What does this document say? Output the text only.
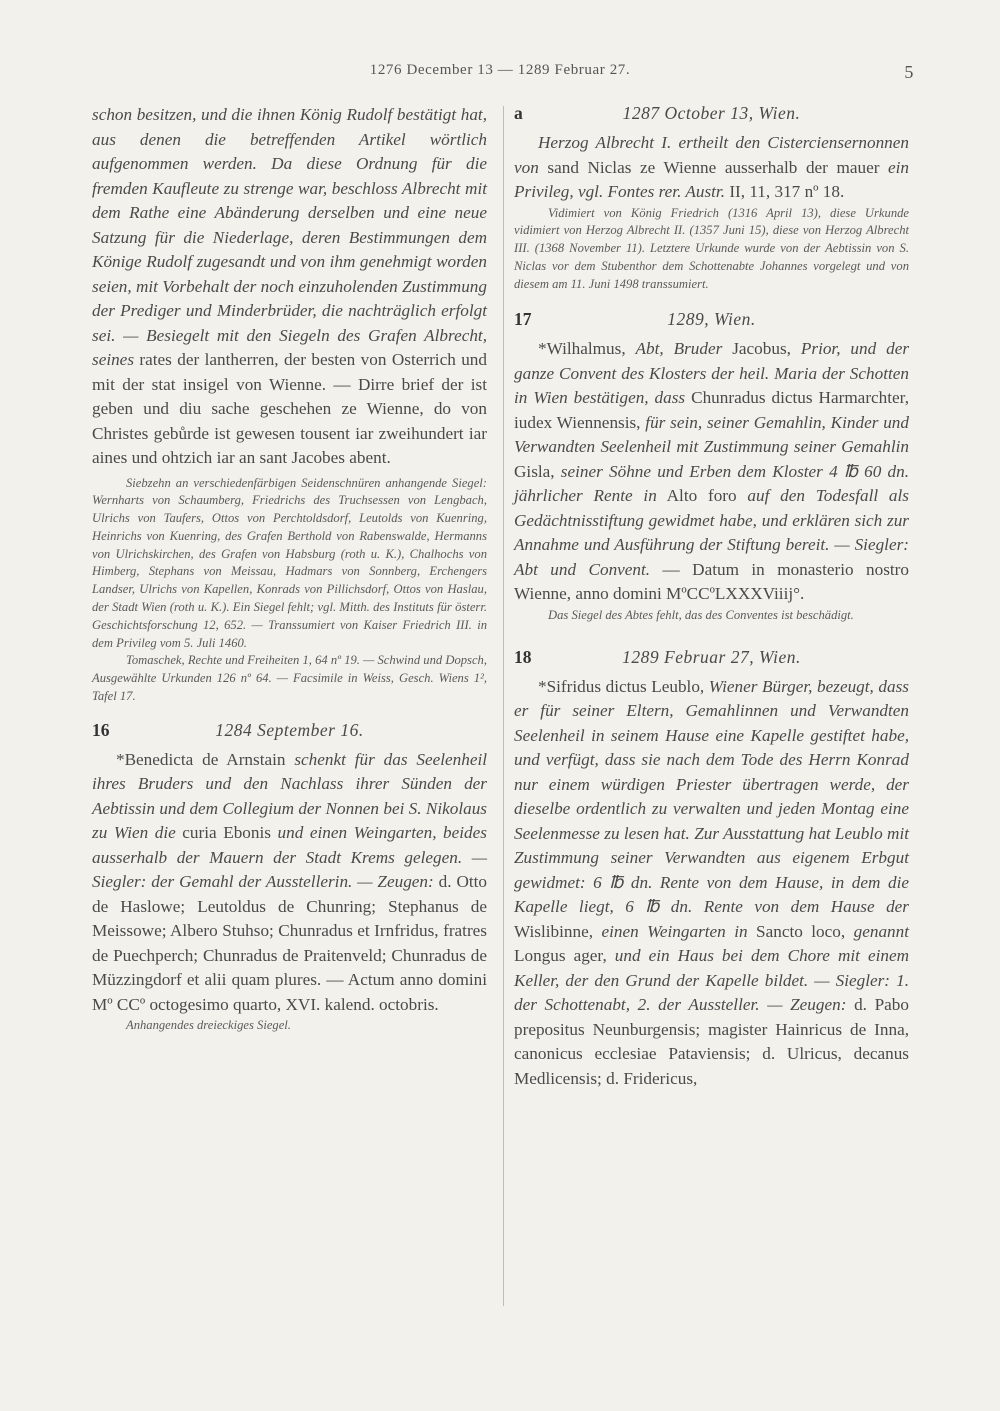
1276 December 13 — 1289 Februar 27.	5

schon besitzen, und die ihnen König Rudolf bestätigt hat, aus denen die betreffenden Artikel wörtlich aufgenommen werden. Da diese Ordnung für die fremden Kaufleute zu strenge war, beschloss Albrecht mit dem Rathe eine Abänderung derselben und eine neue Satzung für die Niederlage, deren Bestimmungen dem Könige Rudolf zugesandt und von ihm genehmigt worden seien, mit Vorbehalt der noch einzuholenden Zustimmung der Prediger und Minderbrüder, die nachträglich erfolgt sei. — Besiegelt mit den Siegeln des Grafen Albrecht, seines rates der lantherren, der besten von Osterrich und mit der stat insigel von Wienne. — Dirre brief der ist geben und diu sache geschehen ze Wienne, do von Christes gebůrde ist gewesen tousent iar zweihundert iar aines und ohtzich iar an sant Jacobes abent.

Siebzehn an verschiedenfärbigen Seidenschnüren anhangende Siegel: Wernharts von Schaumberg, Friedrichs des Truchsessen von Lengbach, Ulrichs von Taufers, Ottos von Perchtoldsdorf, Leutolds von Kuenring, Heinrichs von Kuenring, des Grafen Berthold von Rabenswalde, Hermanns von Ulrichskirchen, des Grafen von Habsburg (roth u. K.), Chalhochs von Himberg, Stephans von Meissau, Hadmars von Sonnberg, Erchengers Landser, Ulrichs von Kapellen, Konrads von Pillichsdorf, Ottos von Haslau, der Stadt Wien (roth u. K.). Ein Siegel fehlt; vgl. Mitth. des Instituts für österr. Geschichtsforschung 12, 652. — Transsumiert von Kaiser Friedrich III. in dem Privileg vom 5. Juli 1460.

Tomaschek, Rechte und Freiheiten 1, 64 nº 19. — Schwind und Dopsch, Ausgewählte Urkunden 126 nº 64. — Facsimile in Weiss, Gesch. Wiens 1², Tafel 17.

16	1284 September 16.

*Benedicta de Arnstain schenkt für das Seelenheil ihres Bruders und den Nachlass ihrer Sünden der Aebtissin und dem Collegium der Nonnen bei S. Nikolaus zu Wien die curia Ebonis und einen Weingarten, beides ausserhalb der Mauern der Stadt Krems gelegen. — Siegler: der Gemahl der Ausstellerin. — Zeugen: d. Otto de Haslowe; Leutoldus de Chunring; Stephanus de Meissowe; Albero Stuhso; Chunradus et Irnfridus, fratres de Puechperch; Chunradus de Praitenveld; Chunradus de Müzzingdorf et alii quam plures. — Actum anno domini Mº CCº octogesimo quarto, XVI. kalend. octobris.

Anhangendes dreieckiges Siegel.

a	1287 October 13, Wien.

Herzog Albrecht I. ertheilt den Cisterciensernonnen von sand Niclas ze Wienne ausserhalb der mauer ein Privileg, vgl. Fontes rer. Austr. II, 11, 317 nº 18.

Vidimiert von König Friedrich (1316 April 13), diese Urkunde vidimiert von Herzog Albrecht II. (1357 Juni 15), diese von Herzog Albrecht III. (1368 November 11). Letztere Urkunde wurde von der Aebtissin von S. Niclas vor dem Stubenthor dem Schottenabte Johannes vorgelegt und von diesem am 11. Juni 1498 transsumiert.

17	1289, Wien.

*Wilhalmus, Abt, Bruder Jacobus, Prior, und der ganze Convent des Klosters der heil. Maria der Schotten in Wien bestätigen, dass Chunradus dictus Harmarchter, iudex Wiennensis, für sein, seiner Gemahlin, Kinder und Verwandten Seelenheil mit Zustimmung seiner Gemahlin Gisla, seiner Söhne und Erben dem Kloster 4 ℔ 60 dn. jährlicher Rente in Alto foro auf den Todesfall als Gedächtnisstiftung gewidmet habe, und erklären sich zur Annahme und Ausführung der Stiftung bereit. — Siegler: Abt und Convent. — Datum in monasterio nostro Wienne, anno domini MºCCºLXXXViiij°.

Das Siegel des Abtes fehlt, das des Conventes ist beschädigt.

18	1289 Februar 27, Wien.

*Sifridus dictus Leublo, Wiener Bürger, bezeugt, dass er für seiner Eltern, Gemahlinnen und Verwandten Seelenheil in seinem Hause eine Kapelle gestiftet habe, und verfügt, dass sie nach dem Tode des Herrn Konrad nur einem würdigen Priester übertragen werde, der dieselbe ordentlich zu verwalten und jeden Montag eine Seelenmesse zu lesen hat. Zur Ausstattung hat Leublo mit Zustimmung seiner Verwandten aus eigenem Erbgut gewidmet: 6 ℔ dn. Rente von dem Hause, in dem die Kapelle liegt, 6 ℔ dn. Rente von dem Hause der Wislibinne, einen Weingarten in Sancto loco, genannt Longus ager, und ein Haus bei dem Chore mit einem Keller, der den Grund der Kapelle bildet. — Siegler: 1. der Schottenabt, 2. der Aussteller. — Zeugen: d. Pabo prepositus Neunburgensis; magister Hainricus de Inna, canonicus ecclesiae Pataviensis; d. Ulricus, decanus Medlicensis; d. Fridericus,
